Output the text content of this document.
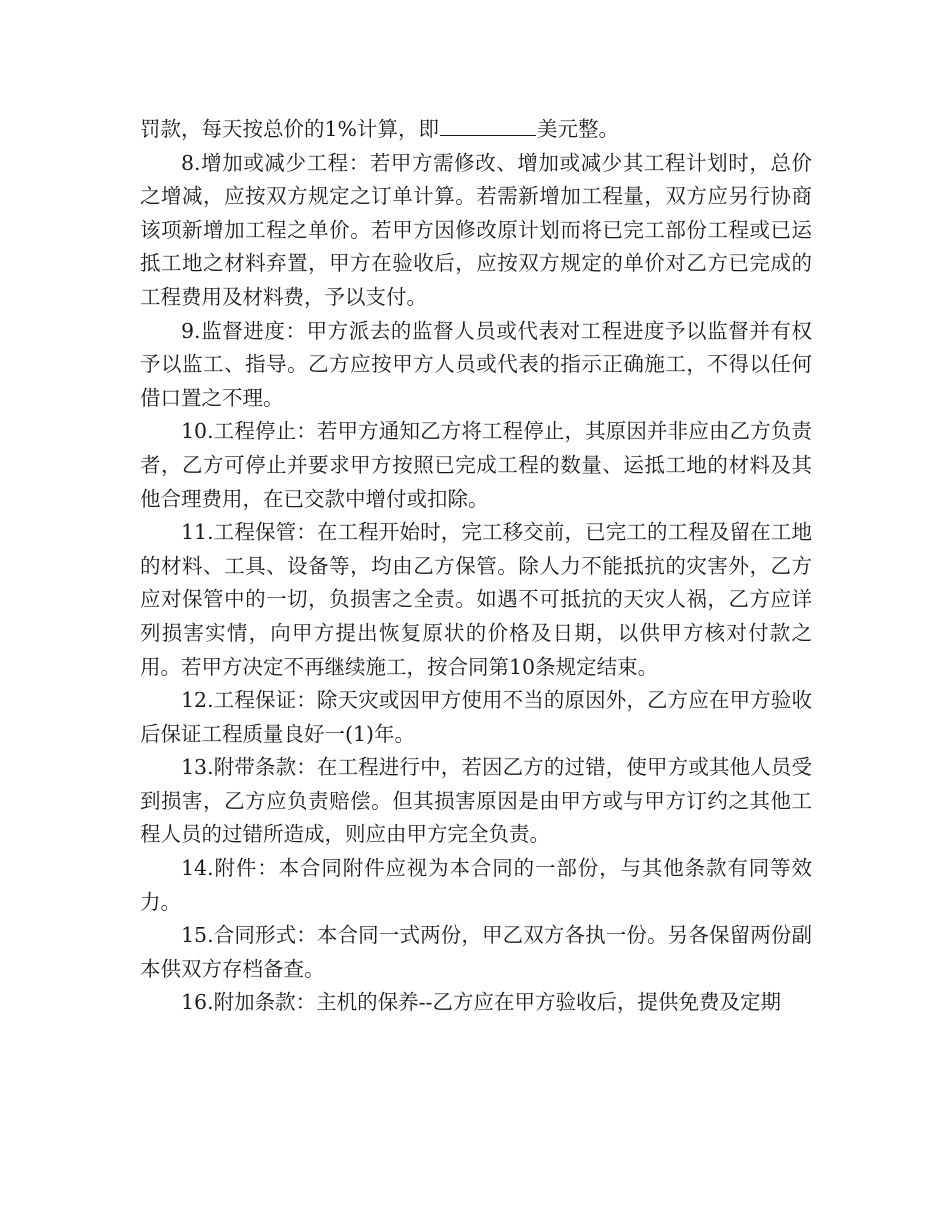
罚款，每天按总价的1%计算，即	美元整。

8.增加或减少工程：若甲方需修改、增加或减少其工程计划时，总价之增减，应按双方规定之订单计算。若需新增加工程量，双方应另行协商该项新增加工程之单价。若甲方因修改原计划而将已完工部份工程或已运抵工地之材料弃置，甲方在验收后，应按双方规定的单价对乙方已完成的工程费用及材料费，予以支付。

9.监督进度：甲方派去的监督人员或代表对工程进度予以监督并有权予以监工、指导。乙方应按甲方人员或代表的指示正确施工，不得以任何借口置之不理。

10.工程停止：若甲方通知乙方将工程停止，其原因并非应由乙方负责者，乙方可停止并要求甲方按照已完成工程的数量、运抵工地的材料及其他合理费用，在已交款中增付或扣除。

11.工程保管：在工程开始时，完工移交前，已完工的工程及留在工地的材料、工具、设备等，均由乙方保管。除人力不能抵抗的灾害外，乙方应对保管中的一切，负损害之全责。如遇不可抵抗的天灾人祸，乙方应详列损害实情，向甲方提出恢复原状的价格及日期，以供甲方核对付款之用。若甲方决定不再继续施工，按合同第10条规定结束。

12.工程保证：除天灾或因甲方使用不当的原因外，乙方应在甲方验收后保证工程质量良好一(1)年。

13.附带条款：在工程进行中，若因乙方的过错，使甲方或其他人员受到损害，乙方应负责赔偿。但其损害原因是由甲方或与甲方订约之其他工程人员的过错所造成，则应由甲方完全负责。

14.附件：本合同附件应视为本合同的一部份，与其他条款有同等效力。

15.合同形式：本合同一式两份，甲乙双方各执一份。另各保留两份副本供双方存档备查。

16.附加条款：主机的保养--乙方应在甲方验收后，提供免费及定期
